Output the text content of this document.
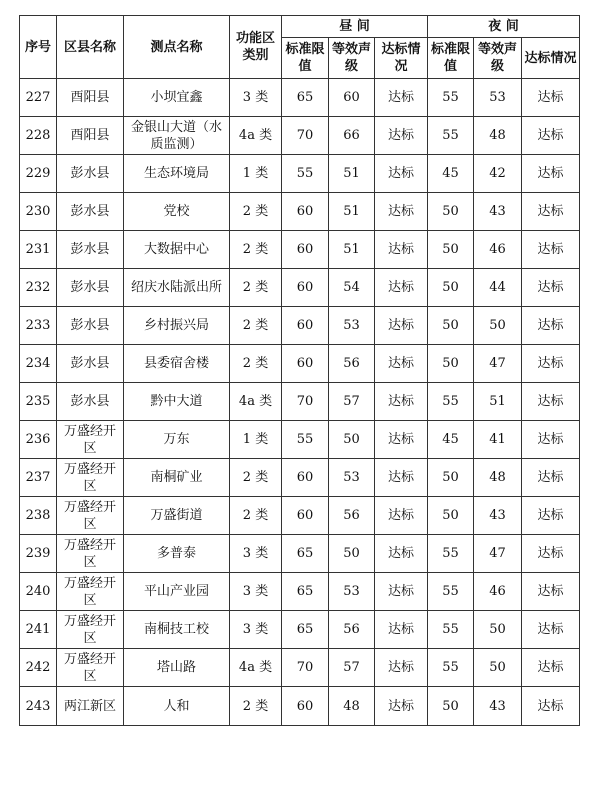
序号	区县名称	测点名称	功能区类别	昼 间			夜 间		
				标准限值	等效声级	达标情况	标准限值	等效声级	达标情况
227	酉阳县	小坝宜鑫	3 类	65	60	达标	55	53	达标
228	酉阳县	金银山大道（水质监测）	4a 类	70	66	达标	55	48	达标
229	彭水县	生态环境局	1 类	55	51	达标	45	42	达标
230	彭水县	党校	2 类	60	51	达标	50	43	达标
231	彭水县	大数据中心	2 类	60	51	达标	50	46	达标
232	彭水县	绍庆水陆派出所	2 类	60	54	达标	50	44	达标
233	彭水县	乡村振兴局	2 类	60	53	达标	50	50	达标
234	彭水县	县委宿舍楼	2 类	60	56	达标	50	47	达标
235	彭水县	黔中大道	4a 类	70	57	达标	55	51	达标
236	万盛经开区	万东	1 类	55	50	达标	45	41	达标
237	万盛经开区	南桐矿业	2 类	60	53	达标	50	48	达标
238	万盛经开区	万盛街道	2 类	60	56	达标	50	43	达标
239	万盛经开区	多普泰	3 类	65	50	达标	55	47	达标
240	万盛经开区	平山产业园	3 类	65	53	达标	55	46	达标
241	万盛经开区	南桐技工校	3 类	65	56	达标	55	50	达标
242	万盛经开区	塔山路	4a 类	70	57	达标	55	50	达标
243	两江新区	人和	2 类	60	48	达标	50	43	达标
